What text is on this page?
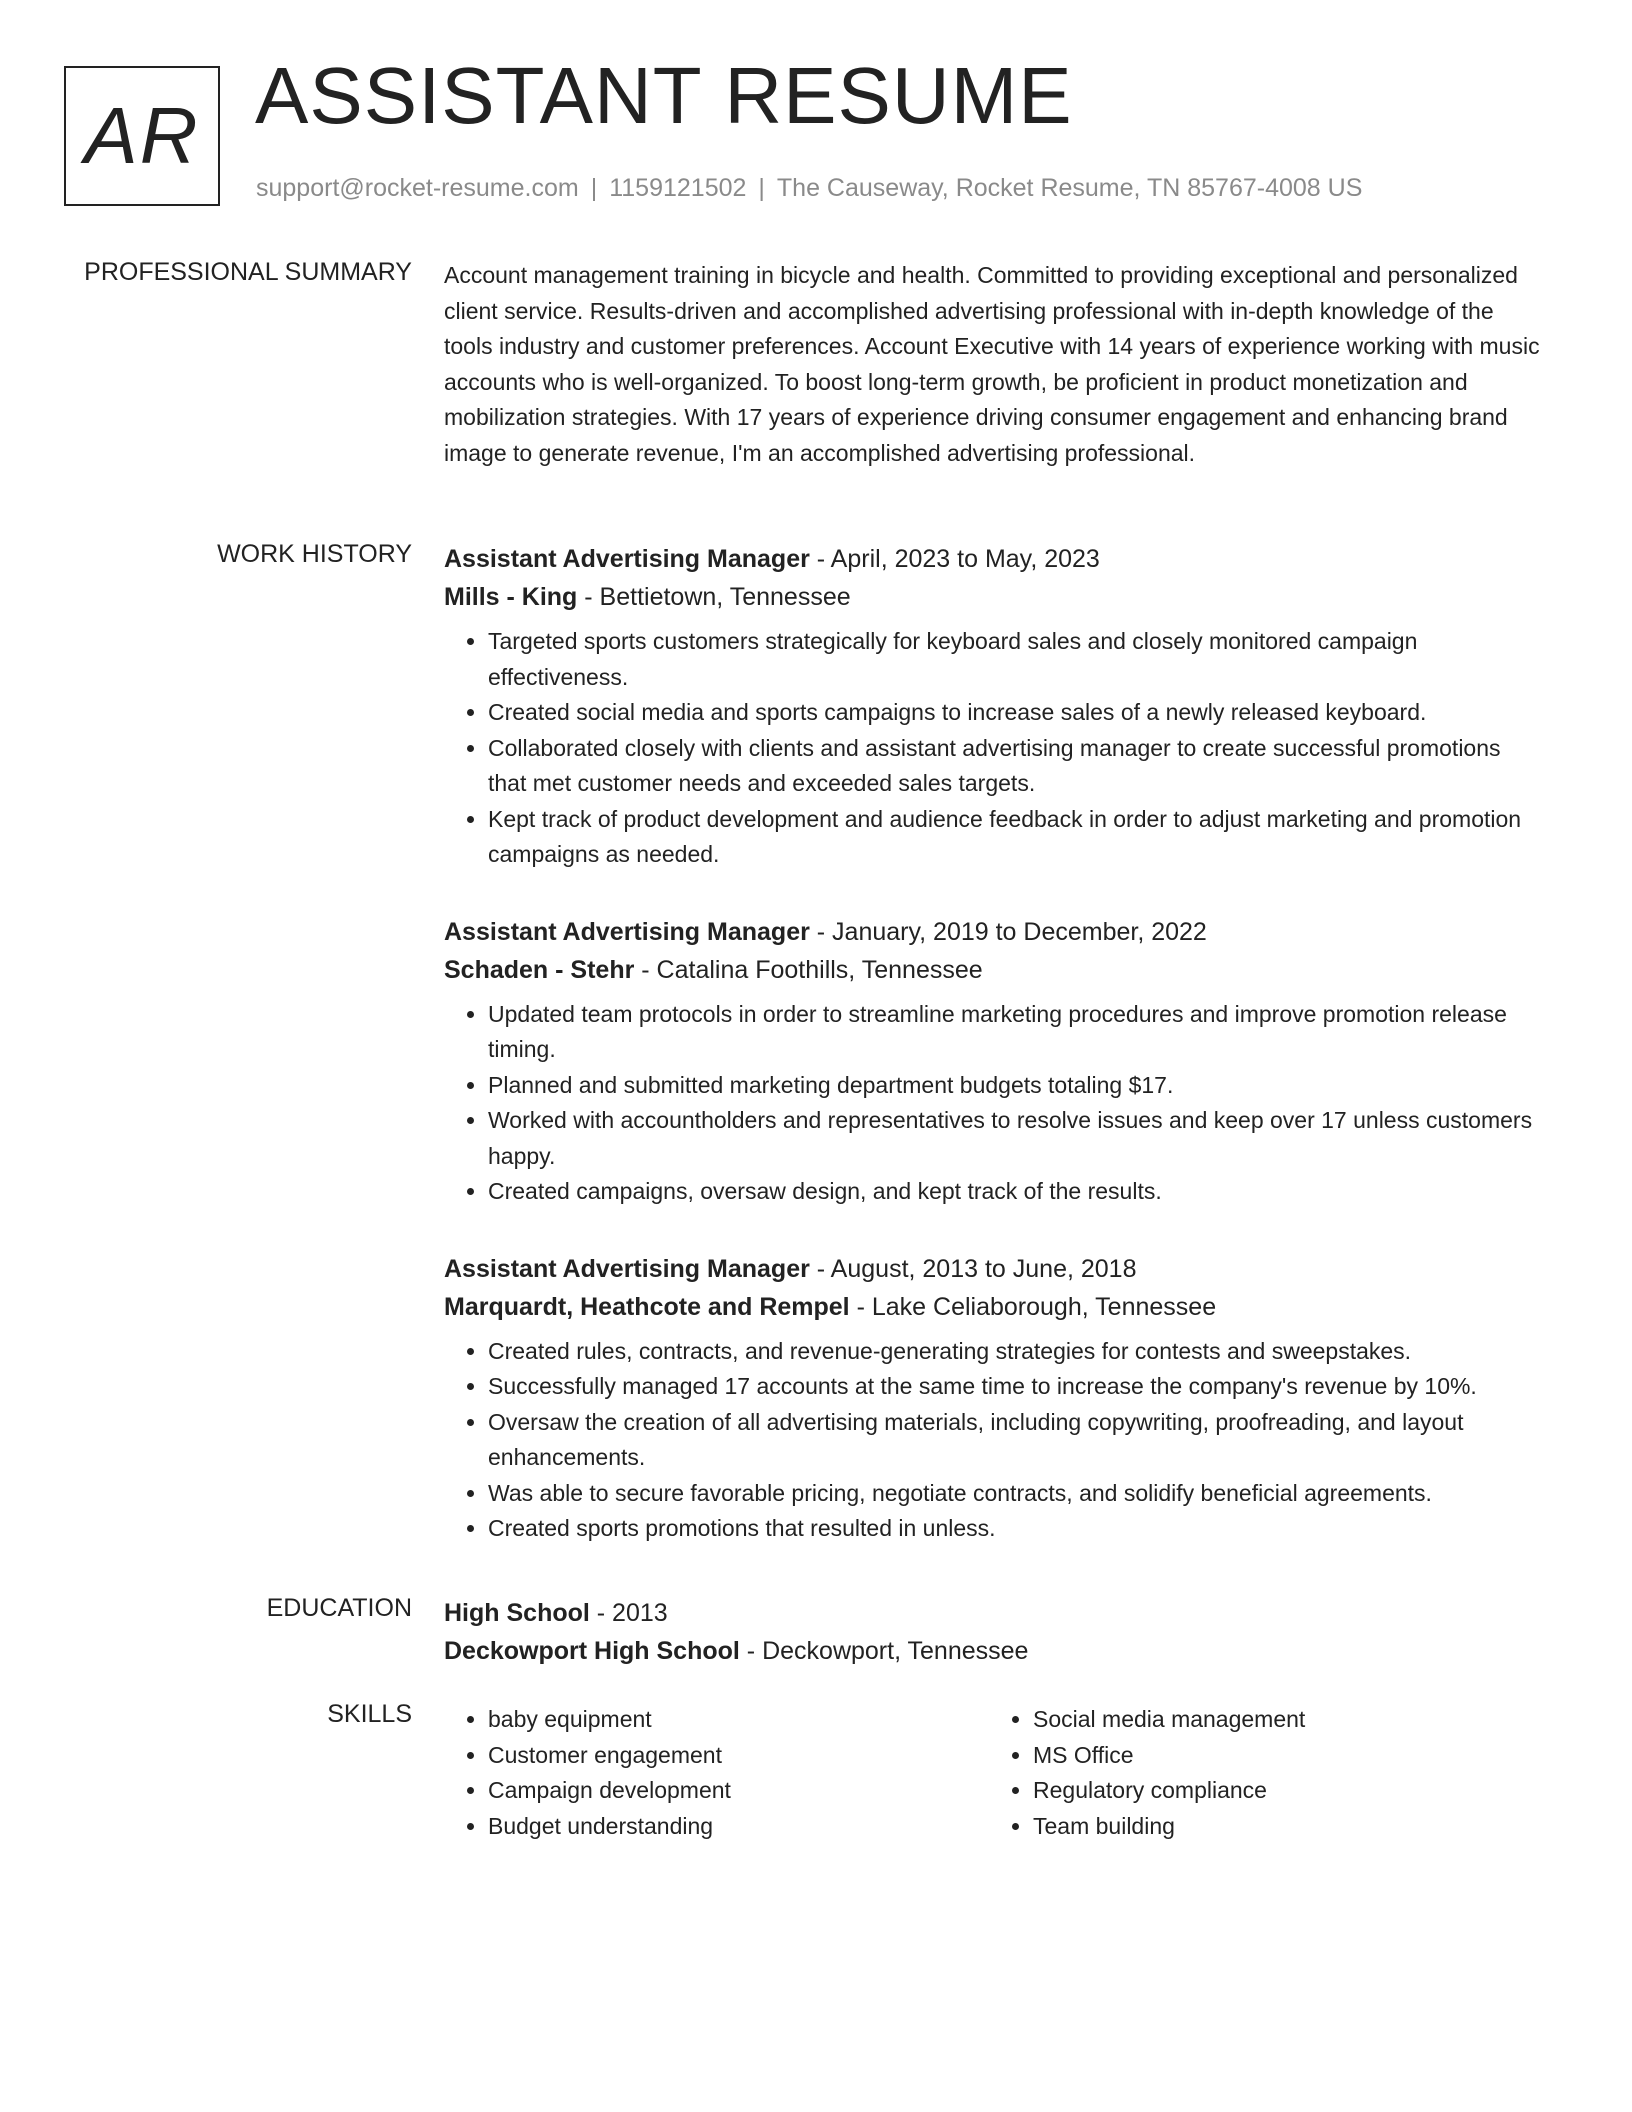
AR ASSISTANT RESUME
support@rocket-resume.com | 1159121502 | The Causeway, Rocket Resume, TN 85767-4008 US
PROFESSIONAL SUMMARY Account management training in bicycle and health. Committed to providing exceptional and personalized client service. Results-driven and accomplished advertising professional with in-depth knowledge of the tools industry and customer preferences. Account Executive with 14 years of experience working with music accounts who is well-organized. To boost long-term growth, be proficient in product monetization and mobilization strategies. With 17 years of experience driving consumer engagement and enhancing brand image to generate revenue, I'm an accomplished advertising professional.

WORK HISTORY Assistant Advertising Manager - April, 2023 to May, 2023
Mills - King - Bettietown, Tennessee
• Targeted sports customers strategically for keyboard sales and closely monitored campaign effectiveness.
• Created social media and sports campaigns to increase sales of a newly released keyboard.
• Collaborated closely with clients and assistant advertising manager to create successful promotions that met customer needs and exceeded sales targets.
• Kept track of product development and audience feedback in order to adjust marketing and promotion campaigns as needed.
Assistant Advertising Manager - January, 2019 to December, 2022
Schaden - Stehr - Catalina Foothills, Tennessee
• Updated team protocols in order to streamline marketing procedures and improve promotion release timing.
• Planned and submitted marketing department budgets totaling $17.
• Worked with accountholders and representatives to resolve issues and keep over 17 unless customers happy.
• Created campaigns, oversaw design, and kept track of the results.
Assistant Advertising Manager - August, 2013 to June, 2018
Marquardt, Heathcote and Rempel - Lake Celiaborough, Tennessee
• Created rules, contracts, and revenue-generating strategies for contests and sweepstakes.
• Successfully managed 17 accounts at the same time to increase the company's revenue by 10%.
• Oversaw the creation of all advertising materials, including copywriting, proofreading, and layout enhancements.
• Was able to secure favorable pricing, negotiate contracts, and solidify beneficial agreements.
• Created sports promotions that resulted in unless.
EDUCATION High School - 2013
Deckowport High School - Deckowport, Tennessee
SKILLS
•	baby equipment
• Customer engagement
• Campaign development
• Budget understanding
• Social media management
• MS Office
• Regulatory compliance
• Team building
